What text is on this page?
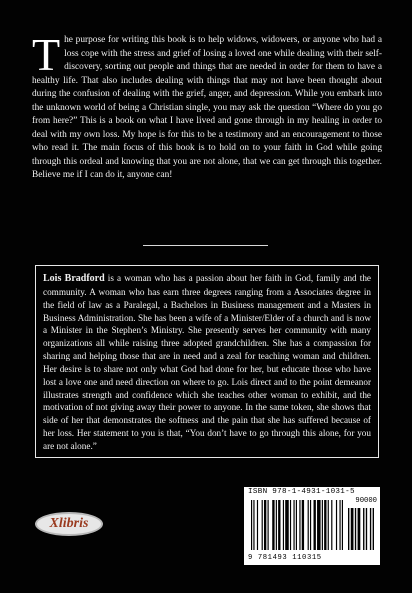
The purpose for writing this book is to help widows, widowers, or anyone who had a loss cope with the stress and grief of losing a loved one while dealing with their self-discovery, sorting out people and things that are needed in order for them to have a healthy life. That also includes dealing with things that may not have been thought about during the confusion of dealing with the grief, anger, and depression. While you embark into the unknown world of being a Christian single, you may ask the question “Where do you go from here?” This is a book on what I have lived and gone through in my healing in order to deal with my own loss. My hope is for this to be a testimony and an encouragement to those who read it. The main focus of this book is to hold on to your faith in God while going through this ordeal and knowing that you are not alone, that we can get through this together. Believe me if I can do it, anyone can!
Lois Bradford is a woman who has a passion about her faith in God, family and the community. A woman who has earn three degrees ranging from a Associates degree in the field of law as a Paralegal, a Bachelors in Business management and a Masters in Business Administration. She has been a wife of a Minister/Elder of a church and is now a Minister in the Stephen’s Ministry. She presently serves her community with many organizations all while raising three adopted grandchildren. She has a compassion for sharing and helping those that are in need and a zeal for teaching woman and children. Her desire is to share not only what God had done for her, but educate those who have lost a love one and need direction on where to go. Lois direct and to the point demeanor illustrates strength and confidence which she teaches other woman to exhibit, and the motivation of not giving away their power to anyone. In the same token, she shows that side of her that demonstrates the softness and the pain that she has suffered because of her loss. Her statement to you is that, “You don’t have to go through this alone, for you are not alone.”
Xlibris
ISBN 978-1-4931-1031-5
90000
9 781493 110315
